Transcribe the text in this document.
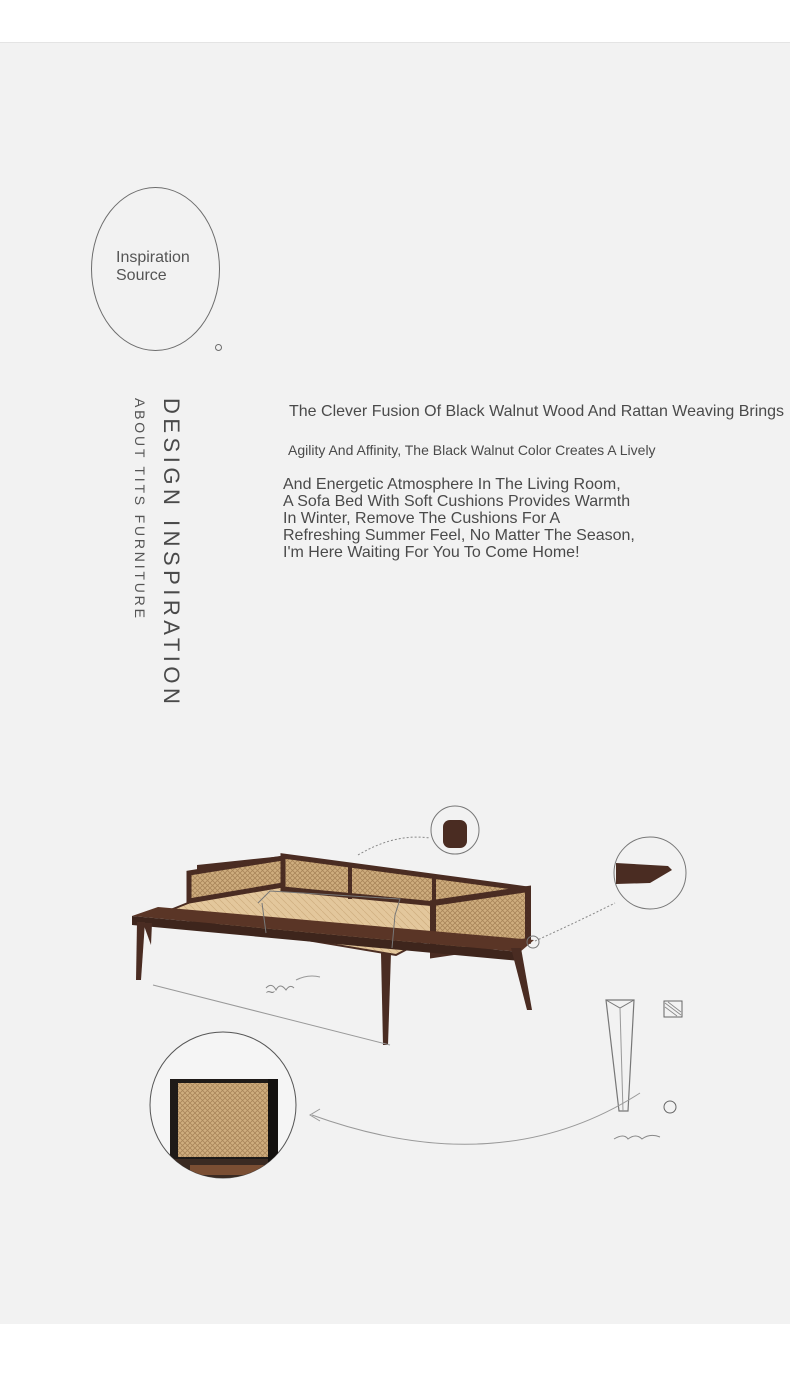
Inspiration Source
DESIGN INSPIRATION
ABOUT TITS FURNITURE	The Clever Fusion Of Black Walnut Wood And Rattan Weaving Brings
Agility And Affinity, The Black Walnut Color Creates A Lively
And Energetic Atmosphere In The Living Room,
A Sofa Bed With Soft Cushions Provides Warmth
In Winter, Remove The Cushions For A
Refreshing Summer Feel, No Matter The Season,
I'm Here Waiting For You To Come Home!
~
